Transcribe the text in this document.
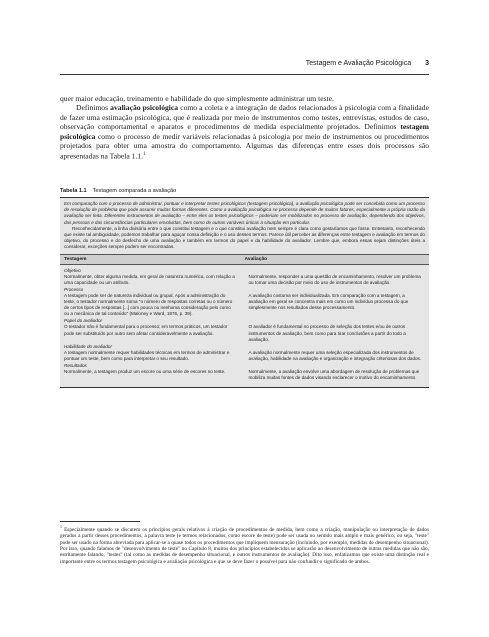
Testagem e Avaliação Psicológica 3

quer maior educação, treinamento e habilidade do que simplesmente administrar um teste.

Definimos avaliação psicológica como a coleta e a integração de dados relacionados à psicologia com a finalidade de fazer uma estimação psicológica, que é realizada por meio de instrumentos como testes, entrevistas, estudos de caso, observação comportamental e aparatos e procedimentos de medida especialmente projetados. Definimos testagem psicológica como o processo de medir variáveis relacionadas à psicologia por meio de instrumentos ou procedimentos projetados para obter uma amostra do comportamento. Algumas das diferenças entre esses dois processos são apresentadas na Tabela 1.1.$^1$

Tabela 1.1 Testagem comparada a avaliação

Em comparação com o processo de administrar, pontuar e interpretar testes psicológicos (testagem psicológica), a avaliação psicológica pode ser concebida como um processo de resolução de problema que pode assumir muitas formas diferentes. Como a avaliação psicológica se processa depende de muitos fatores, especialmente a própria razão da avaliação ser feita. Diferentes instrumentos de avaliação – entre eles os testes psicológicos – poderiam ser mobilizados no processo de avaliação, dependendo dos objetivos, das pessoas e das circunstâncias particulares envolvidas, bem como de outras variáveis únicas à situação em particular.

Reconhecidamente, a linha divisória entre o que constitui testagem e o que constitui avaliação nem sempre é clara como gostaríamos que fosse. Entretanto, reconhecendo que existe tal ambiguidade, podemos trabalhar para aguçar nossa definição e o uso desses termos. Parece útil perceber as diferenças entre testagem e avaliação em termos do objetivo, do processo e do desfecho de uma avaliação e também em termos do papel e da habilidade do avaliador. Lembre que, embora essas sejam distinções úteis a considerar, exceções sempre podem ser encontradas.

Testagem	Avaliação
Objetivo
Normalmente, obter alguma medida, em geral de natureza numérica, com relação a uma capacidade ou um atributo.
Normalmente, responder a uma questão de encaminhamento, resolver um problema ou tomar uma decisão por meio do uso de instrumentos de avaliação.
Processo
A testagem pode ser de natureza individual ou grupal. Após a administração do teste, o testador normalmente soma "o número de respostas corretas ou o número de certos tipos de respostas [...] com pouca ou nenhuma consideração pelo como ou a mecânica de tal conteúdo" (Maloney e Ward, 1976, p. 39).
A avaliação costuma ser individualizada. Em comparação com a testagem, a avaliação em geral se concentra mais em como um indivíduo processa do que simplesmente nos resultados desse processamento.
Papel do avaliador
O testador não é fundamental para o processo; em termos práticos, um testador pode ser substituído por outro sem afetar consideravelmente a avaliação.
O avaliador é fundamental no processo de seleção dos testes e/ou de outros instrumentos de avaliação, bem como para tirar conclusões a partir do todo a avaliação.
Habilidade do avaliador
A testagem normalmente requer habilidades técnicas em termos de administrar e pontuar um teste, bem como para interpretar o seu resultado.
A avaliação normalmente requer uma seleção especializada dos instrumentos de avaliação, habilidade na avaliação e organização e integração criteriosas dos dados.
Resultados
Normalmente, a testagem produz um escore ou uma série de escores no teste.	Normalmente, a avaliação envolve uma abordagem de resolução de problemas que mobiliza muitas fontes de dados visando esclarecer o motivo do encaminhamento.
$^1$ Especialmente quando se discutem os princípios gerais relativos à criação de procedimentos de medida, bem como a criação, manipulação ou interpretação de dados gerados a partir desses procedimentos, a palavra teste (e termos relacionados, como escore de teste) pode ser usada no sentido mais amplo e mais genérico; ou seja, "teste" pode ser usado na forma abreviada para aplicar-se a quase todos os procedimentos que impliquem mensuração (incluindo, por exemplo, medidas de desempenho situacional). Por isso, quando falamos de "desenvolvimento de teste" no Capítulo 8, muitos dos princípios estabelecidos se aplicarão ao desenvolvimento de outras medidas que não são, estritamente falando, "testes" (tal como as medidas de desempenho situacional, e outros instrumentos de avaliação). Dito isso, enfatizamos que existe uma distinção real e importante entre os termos testagem psicológica e avaliação psicológica e que se deve fazer o possível para não confundir o significado de ambos.
